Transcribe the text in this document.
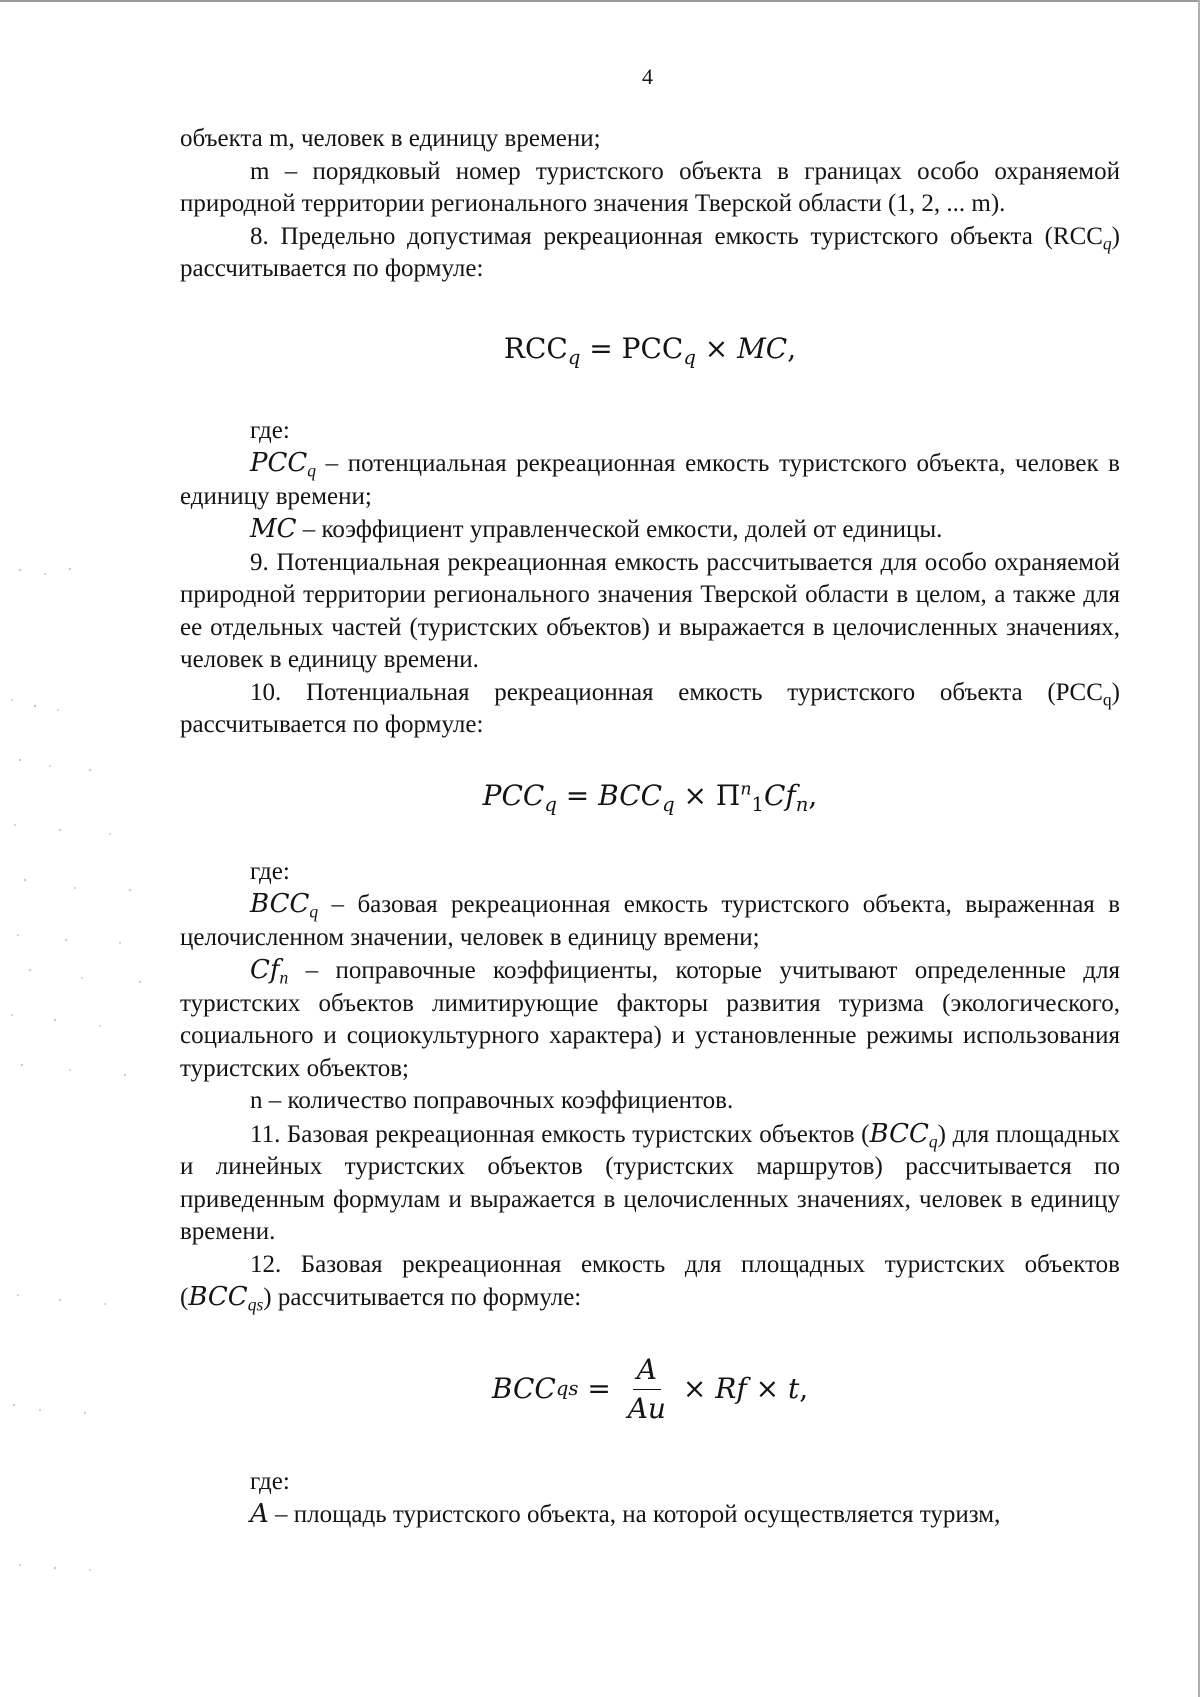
4

объекта m, человек в единицу времени;

m – порядковый номер туристского объекта в границах особо охраняемой природной территории регионального значения Тверской области (1, 2, ... m).

8. Предельно допустимая рекреационная емкость туристского объекта $(RCC_q)$ рассчитывается по формуле:

$RCC_q = PCC_q$ × MC,

где:

$PCC_q$ – потенциальная рекреационная емкость туристского объекта, человек в единицу времени;

MC – коэффициент управленческой емкости, долей от единицы.

9. Потенциальная рекреационная емкость рассчитывается для особо охраняемой природной территории регионального значения Тверской области в целом, а также для ее отдельных частей (туристских объектов) и выражается в целочисленных значениях, человек в единицу времени.

10. Потенциальная рекреационная емкость туристского объекта $(PCC_q)$ рассчитывается по формуле:

$PCC_q = BCC_q \times \Pi^n_1Cf_n$,

где:

$BCC_q$ – базовая рекреационная емкость туристского объекта, выраженная в целочисленном значении, человек в единицу времени;

$Cf_n$ – поправочные коэффициенты, которые учитывают определенные для туристских объектов лимитирующие факторы развития туризма (экологического, социального и социокультурного характера) и установленные режимы использования туристских объектов;

n – количество поправочных коэффициентов.

11. Базовая рекреационная емкость туристских объектов $(BCC_q)$ для площадных и линейных туристских объектов (туристских маршрутов) рассчитывается по приведенным формулам и выражается в целочисленных значениях, человек в единицу времени.

12. Базовая рекреационная емкость для площадных туристских объектов $(BCC_{qs})$ рассчитывается по формуле:

BCC qs = $\frac{A}{Au} \times Rf \times t$ ,

где:

A – площадь туристского объекта, на которой осуществляется туризм,
